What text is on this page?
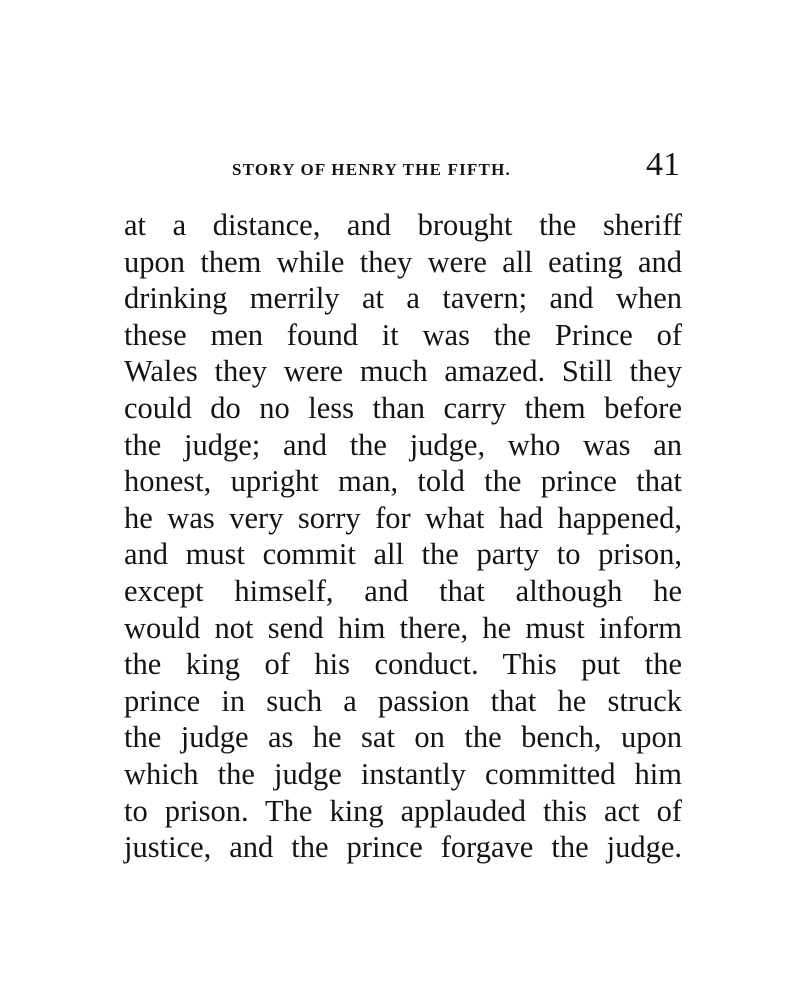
STORY OF HENRY THE FIFTH.	41
at a distance, and brought the sheriff
upon them while they were all eating and
drinking merrily at a tavern; and when
these men found it was the Prince of
Wales they were much amazed. Still they
could do no less than carry them before
the judge; and the judge, who was an
honest, upright man, told the prince that
he was very sorry for what had happened,
and must commit all the party to prison,
except himself, and that although he
would not send him there, he must inform
the king of his conduct. This put the
prince in such a passion that he struck
the judge as he sat on the bench, upon
which the judge instantly committed him
to prison. The king applauded this act of
justice, and the prince forgave the judge.
